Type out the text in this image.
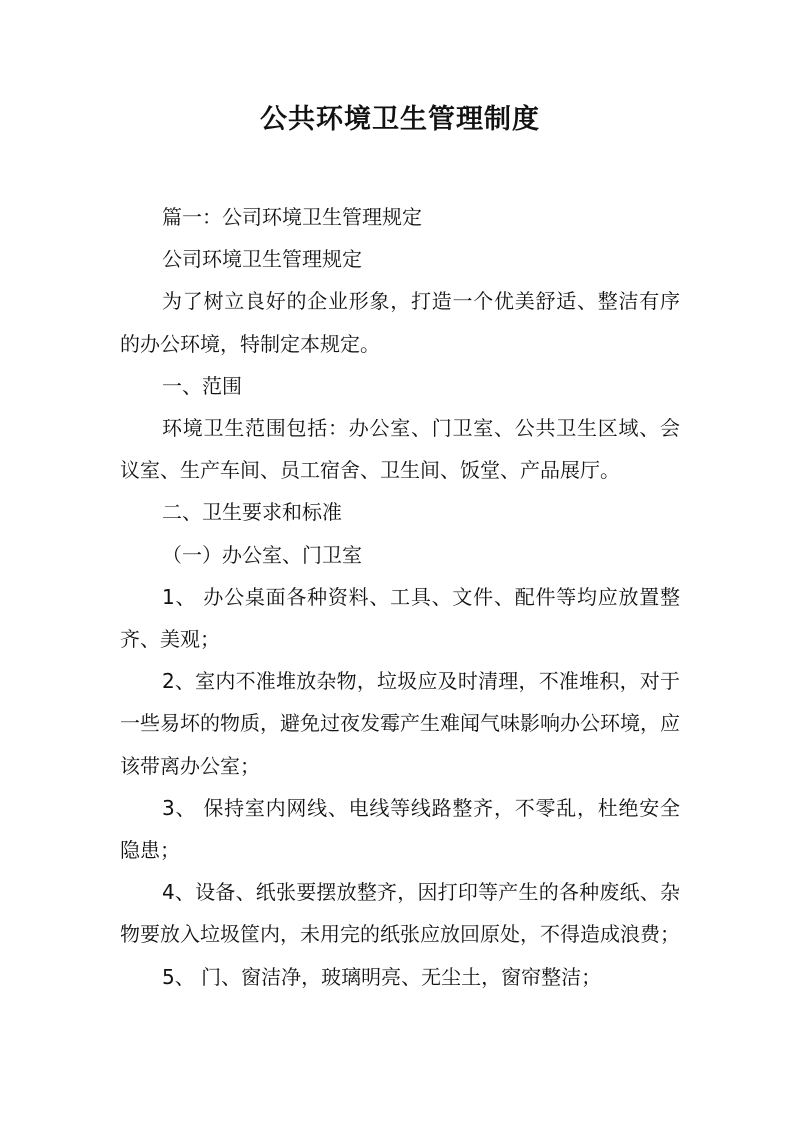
公共环境卫生管理制度

篇一：公司环境卫生管理规定

公司环境卫生管理规定

为了树立良好的企业形象，打造一个优美舒适、整洁有序的办公环境，特制定本规定。

一、范围

环境卫生范围包括：办公室、门卫室、公共卫生区域、会议室、生产车间、员工宿舍、卫生间、饭堂、产品展厅。

二、卫生要求和标准

（一）办公室、门卫室

1、 办公桌面各种资料、工具、文件、配件等均应放置整齐、美观；

2、室内不准堆放杂物，垃圾应及时清理，不准堆积，对于一些易坏的物质，避免过夜发霉产生难闻气味影响办公环境，应该带离办公室；

3、 保持室内网线、电线等线路整齐，不零乱，杜绝安全隐患；

4、设备、纸张要摆放整齐，因打印等产生的各种废纸、杂物要放入垃圾筐内，未用完的纸张应放回原处，不得造成浪费；

5、 门、窗洁净，玻璃明亮、无尘土，窗帘整洁；
